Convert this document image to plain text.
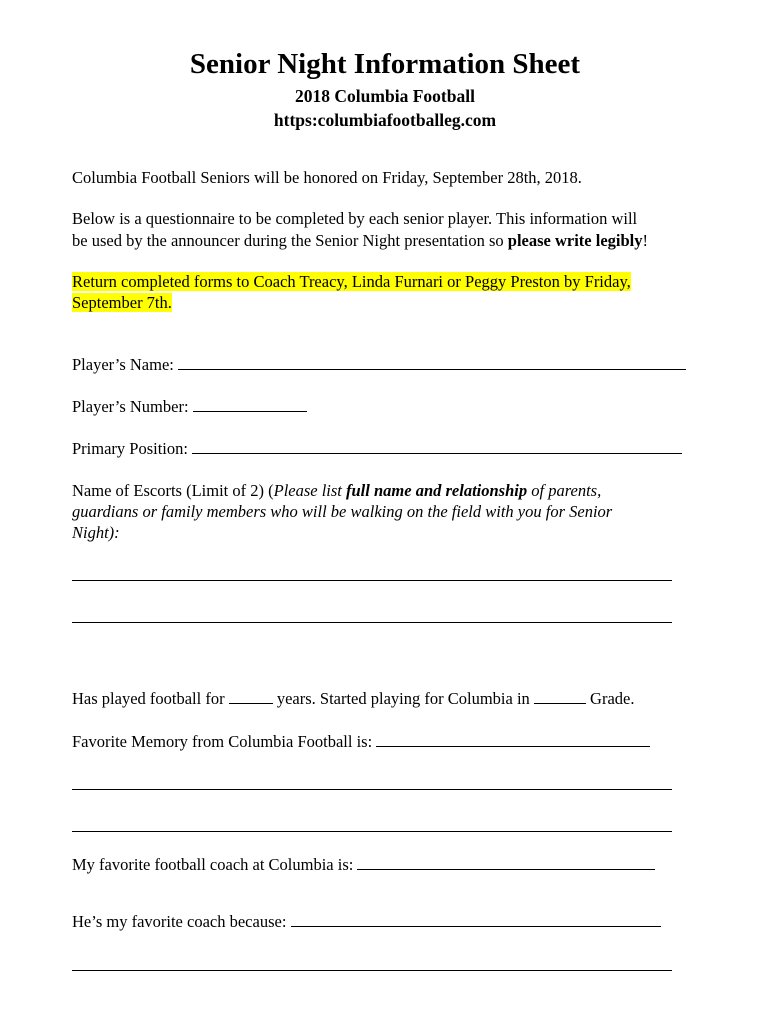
Senior Night Information Sheet
2018 Columbia Football
https:columbiafootballeg.com
Columbia Football Seniors will be honored on Friday, September 28th, 2018.
Below is a questionnaire to be completed by each senior player. This information will
be used by the announcer during the Senior Night presentation so please write legibly!
Return completed forms to Coach Treacy, Linda Furnari or Peggy Preston by Friday,
September 7th.
Player’s Name:
Player’s Number:
Primary Position:
Name of Escorts (Limit of 2) (Please list full name and relationship of parents,
guardians or family members who will be walking on the field with you for Senior
Night):
Has played football for	years. Started playing for Columbia in	Grade.
Favorite Memory from Columbia Football is:
My favorite football coach at Columbia is:
He’s my favorite coach because:
